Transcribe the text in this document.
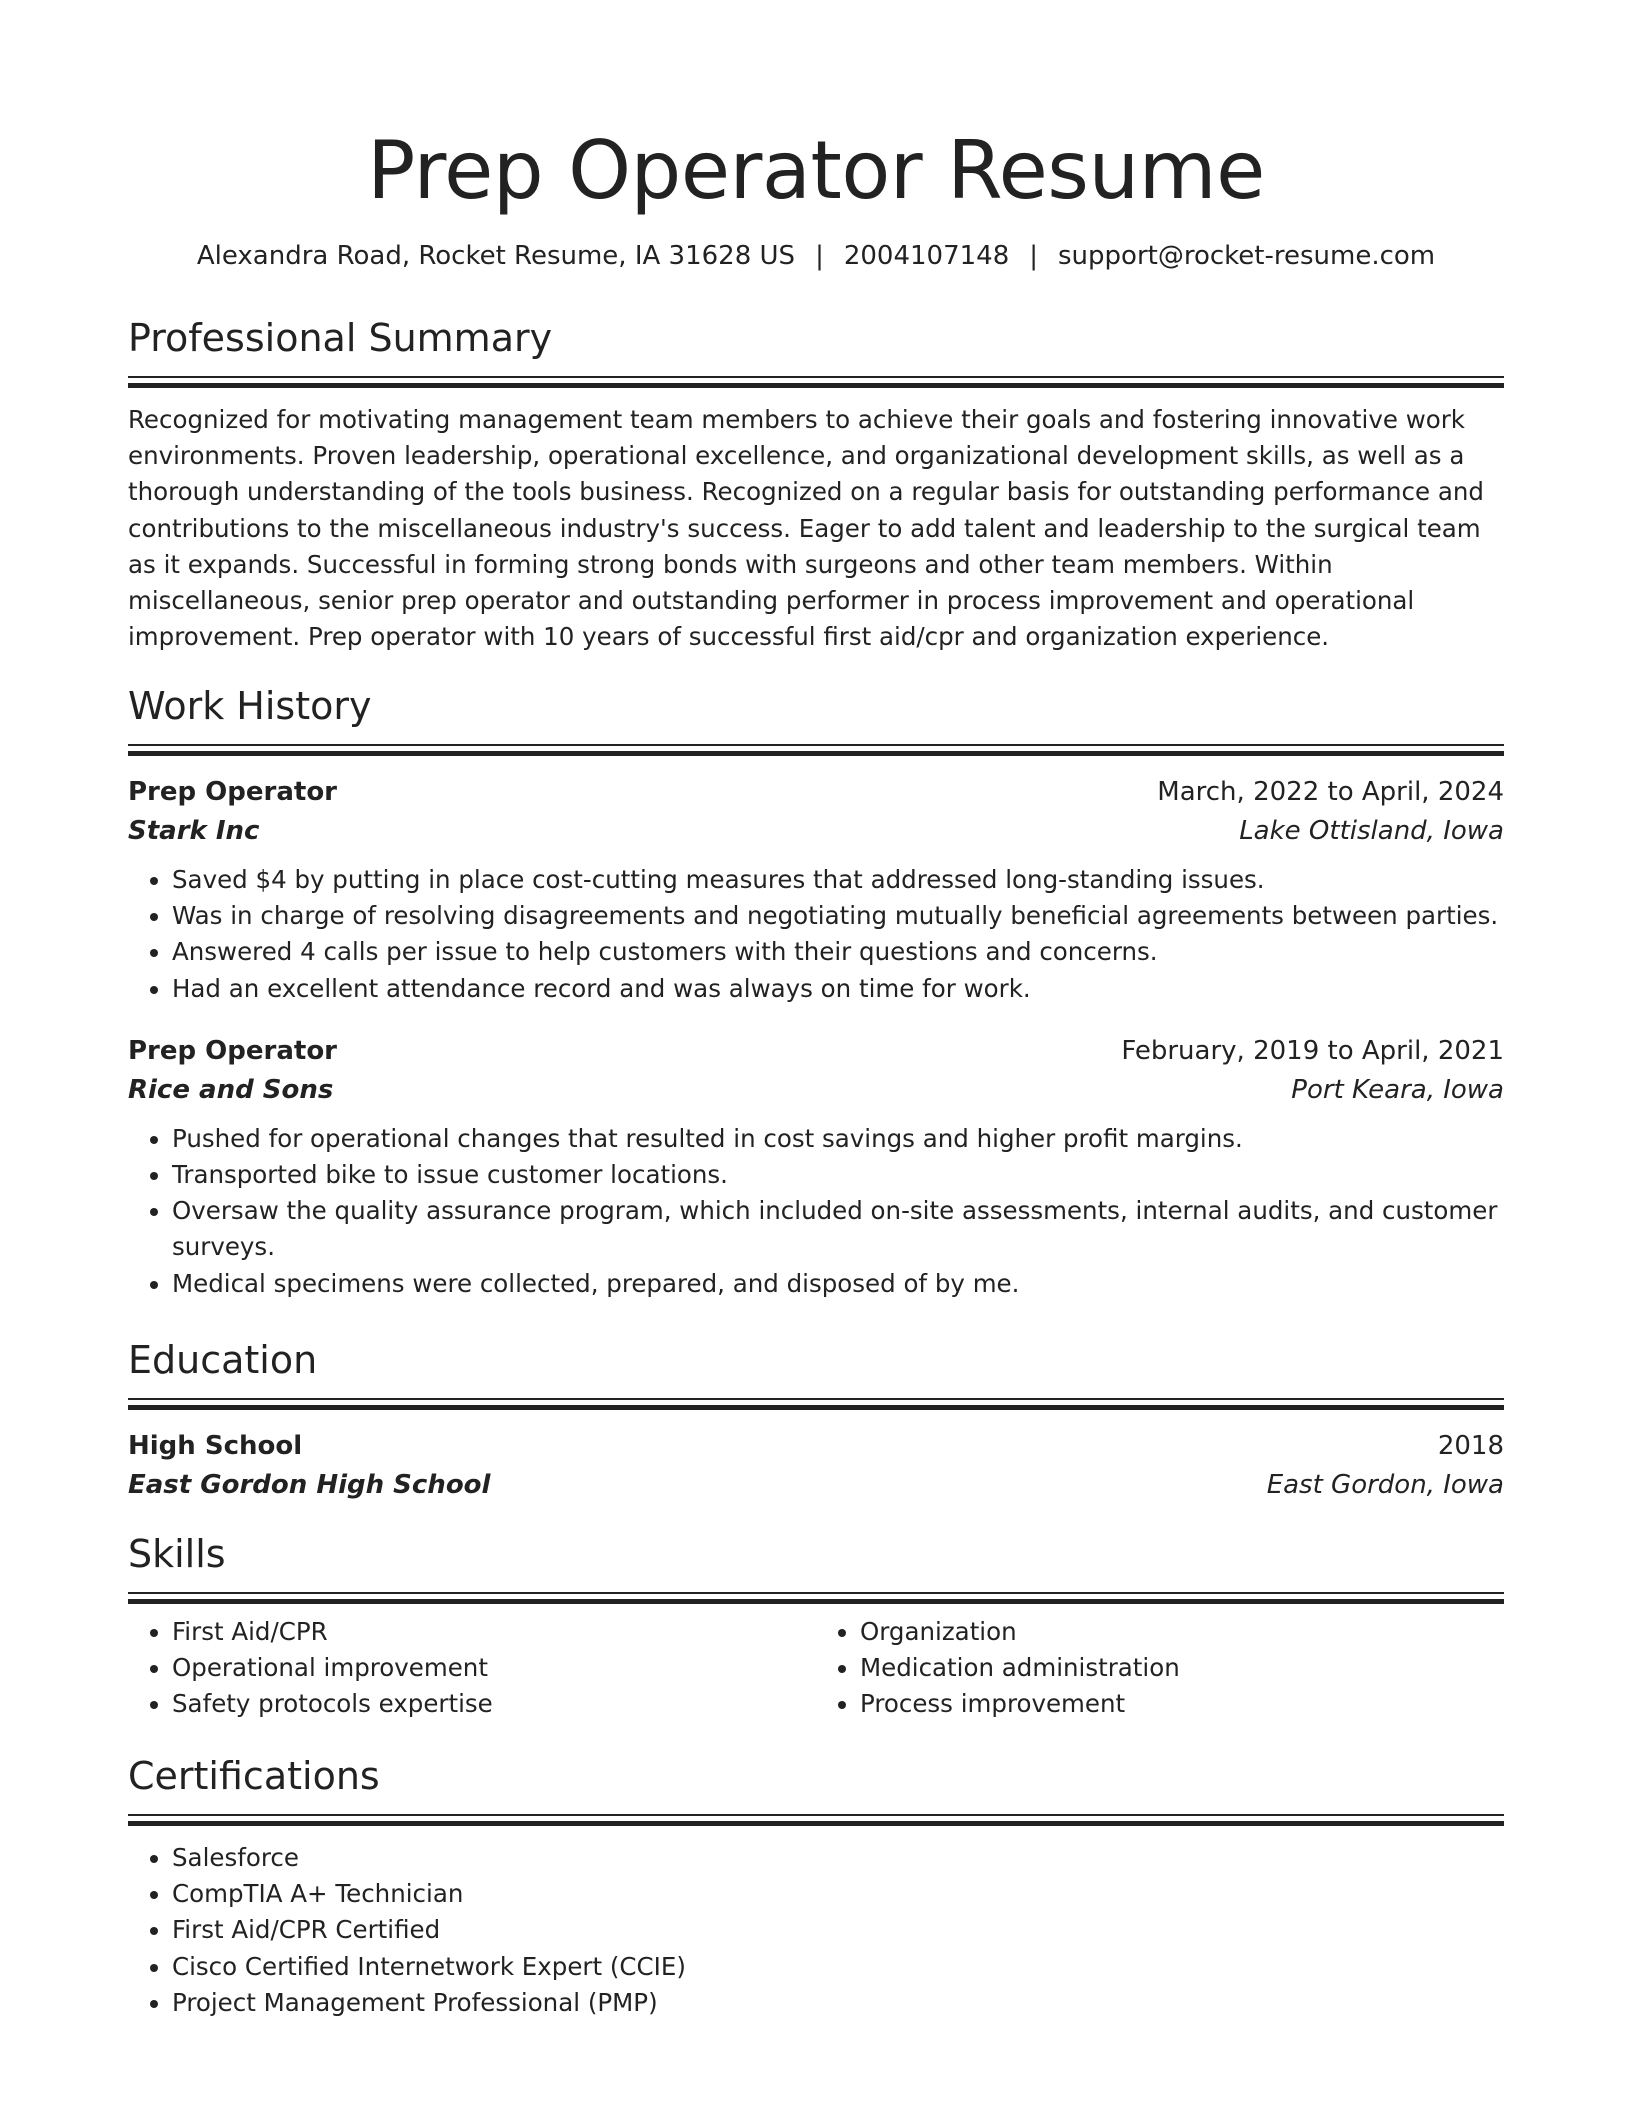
Prep Operator Resume
Alexandra Road, Rocket Resume, IA 31628 US | 2004107148 | support@rocket-resume.com
Professional Summary
Recognized for motivating management team members to achieve their goals and fostering innovative work environments. Proven leadership, operational excellence, and organizational development skills, as well as a thorough understanding of the tools business. Recognized on a regular basis for outstanding performance and contributions to the miscellaneous industry's success. Eager to add talent and leadership to the surgical team as it expands. Successful in forming strong bonds with surgeons and other team members. Within miscellaneous, senior prep operator and outstanding performer in process improvement and operational improvement. Prep operator with 10 years of successful first aid/cpr and organization experience.
Work History
Prep Operator	March, 2022 to April, 2024
Stark Inc	Lake Ottisland, Iowa
• Saved $4 by putting in place cost-cutting measures that addressed long-standing issues.
• Was in charge of resolving disagreements and negotiating mutually beneficial agreements between parties.
• Answered 4 calls per issue to help customers with their questions and concerns.
• Had an excellent attendance record and was always on time for work.
Prep Operator	February, 2019 to April, 2021
Rice and Sons	Port Keara, Iowa
• Pushed for operational changes that resulted in cost savings and higher profit margins.
• Transported bike to issue customer locations.
• Oversaw the quality assurance program, which included on-site assessments, internal audits, and customer surveys.
• Medical specimens were collected, prepared, and disposed of by me.
Education
High School	2018
East Gordon High School	East Gordon, Iowa
Skills
• First Aid/CPR
• Operational improvement
• Safety protocols expertise
• Organization
• Medication administration
• Process improvement
Certifications
• Salesforce
• CompTIA A+ Technician
• First Aid/CPR Certified
• Cisco Certified Internetwork Expert (CCIE)
• Project Management Professional (PMP)
